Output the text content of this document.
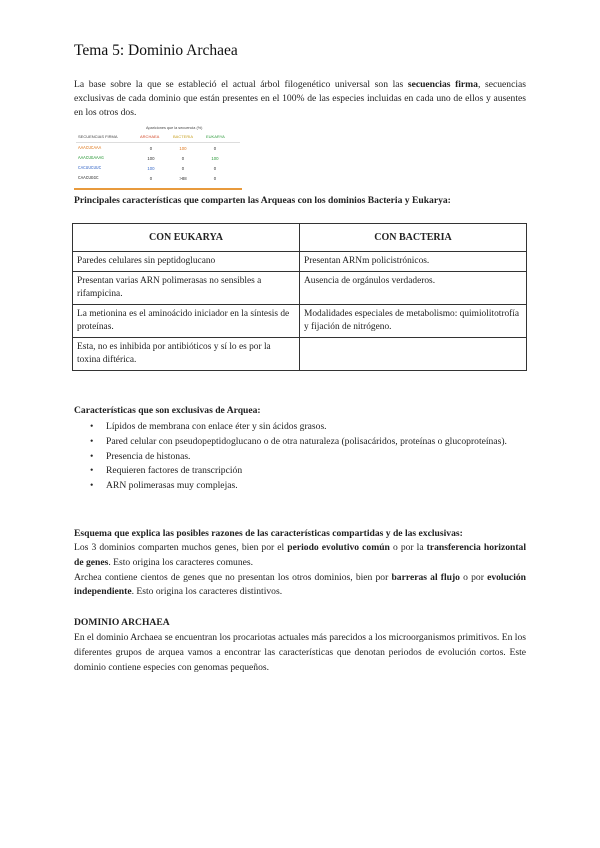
Tema 5: Dominio Archaea
La base sobre la que se estableció el actual árbol filogenético universal son las secuencias firma, secuencias exclusivas de cada dominio que están presentes en el 100% de las especies incluidas en cada uno de ellos y ausentes en los otros dos.
Apariciones que la secuencia (%)
SECUENCIAS FIRMA	ARCHAEA	BACTERIA	EUKARYA
AAACUCAAA	0	100	0
AAACUGAAAG	100	0	100
CACUUCUUC	100	0	0
CAACUGGC	0	>88	0
Principales características que comparten las Arqueas con los dominios Bacteria y Eukarya:
CON EUKARYA	CON BACTERIA
Paredes celulares sin peptidoglucano	Presentan ARNm policistrónicos.
Presentan varias ARN polimerasas no sensibles a rifampicina.	Ausencia de orgánulos verdaderos.
La metionina es el aminoácido iniciador en la síntesis de proteínas.	Modalidades especiales de metabolismo: quimiolitotrofía y fijación de nitrógeno.
Esta, no es inhibida por antibióticos y sí lo es por la toxina diftérica.	
Características que son exclusivas de Arquea:
• Lípidos de membrana con enlace éter y sin ácidos grasos.
• Pared celular con pseudopeptidoglucano o de otra naturaleza (polisacáridos, proteínas o glucoproteínas).
• Presencia de histonas.
• Requieren factores de transcripción
• ARN polimerasas muy complejas.
Esquema que explica las posibles razones de las características compartidas y de las exclusivas:
Los 3 dominios comparten muchos genes, bien por el periodo evolutivo común o por la transferencia horizontal de genes. Esto origina los caracteres comunes.
Archea contiene cientos de genes que no presentan los otros dominios, bien por barreras al flujo o por evolución independiente. Esto origina los caracteres distintivos.
DOMINIO ARCHAEA
En el dominio Archaea se encuentran los procariotas actuales más parecidos a los microorganismos primitivos. En los diferentes grupos de arquea vamos a encontrar las características que denotan periodos de evolución cortos. Este dominio contiene especies con genomas pequeños.
